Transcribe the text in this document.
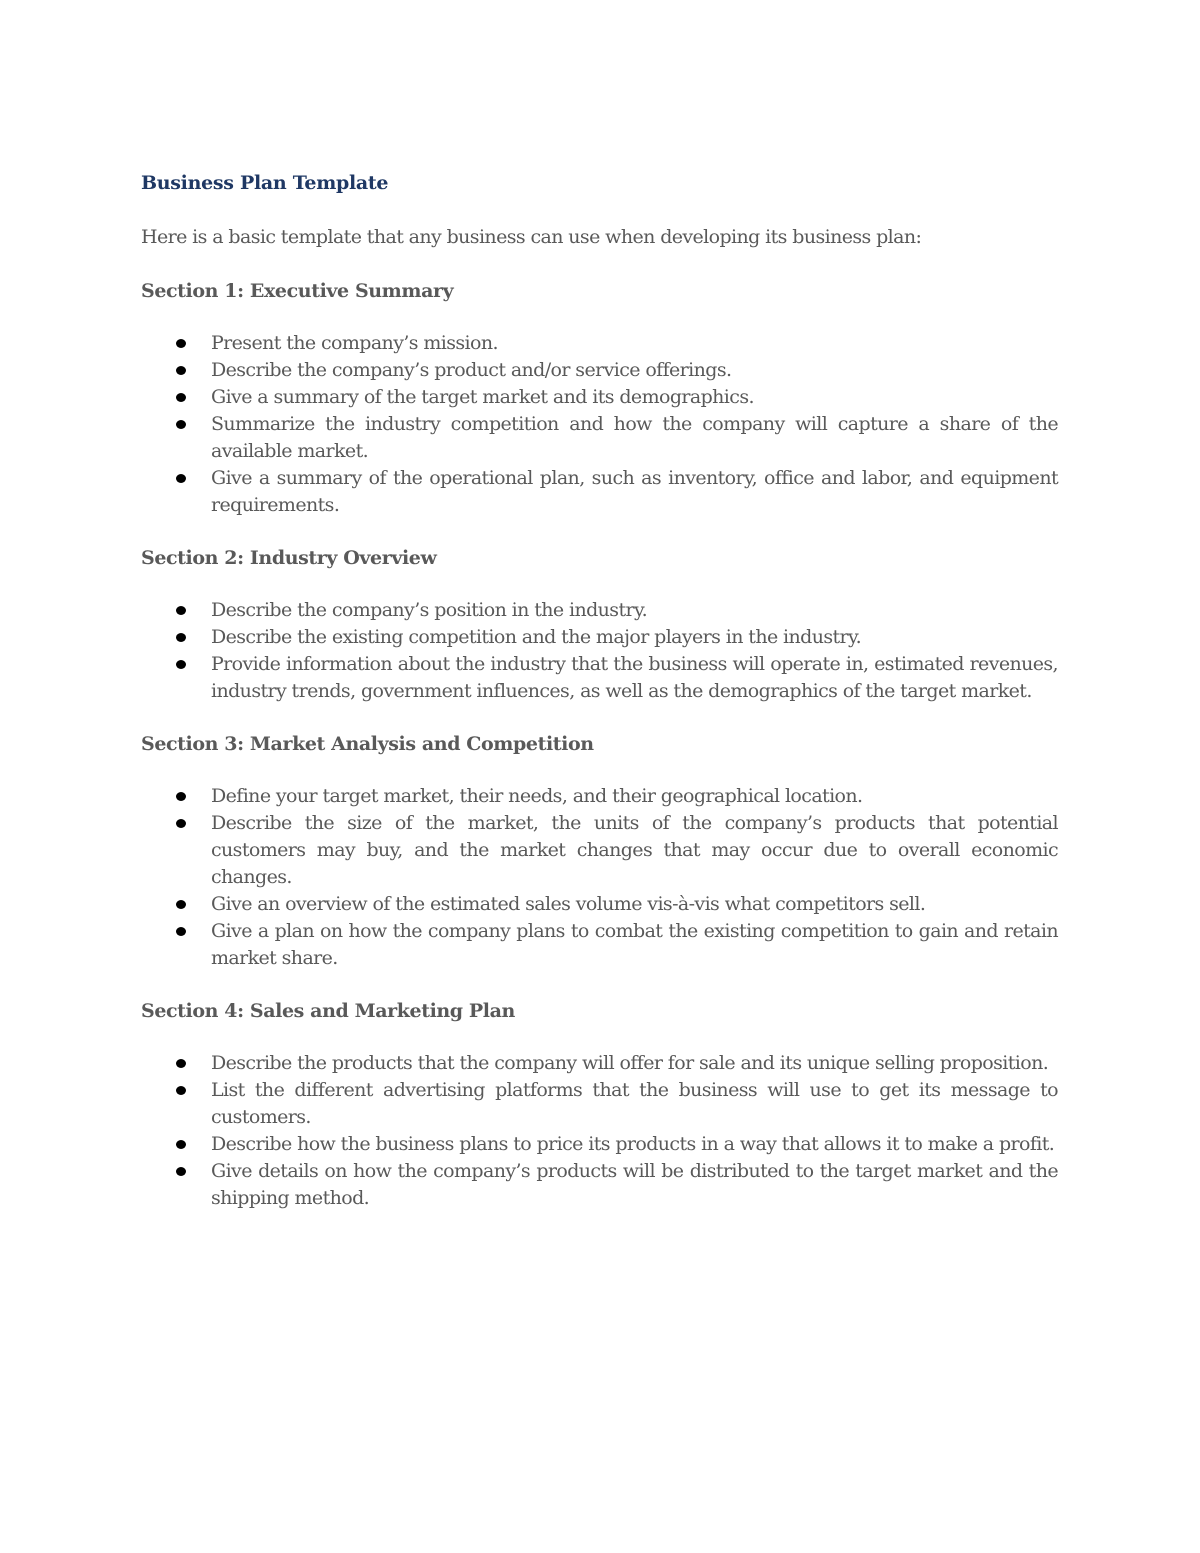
Business Plan Template

Here is a basic template that any business can use when developing its business plan:

Section 1: Executive Summary
Present the company’s mission.
Describe the company’s product and/or service offerings.
Give a summary of the target market and its demographics.
Summarize the industry competition and how the company will capture a share of the available market.
Give a summary of the operational plan, such as inventory, office and labor, and equipment requirements.
Section 2: Industry Overview
Describe the company’s position in the industry.
Describe the existing competition and the major players in the industry.
Provide information about the industry that the business will operate in, estimated revenues, industry trends, government influences, as well as the demographics of the target market.
Section 3: Market Analysis and Competition
Define your target market, their needs, and their geographical location.
Describe the size of the market, the units of the company’s products that potential customers may buy, and the market changes that may occur due to overall economic changes.
Give an overview of the estimated sales volume vis-à-vis what competitors sell.
Give a plan on how the company plans to combat the existing competition to gain and retain market share.
Section 4: Sales and Marketing Plan
Describe the products that the company will offer for sale and its unique selling proposition.
List the different advertising platforms that the business will use to get its message to customers.
Describe how the business plans to price its products in a way that allows it to make a profit.
Give details on how the company’s products will be distributed to the target market and the shipping method.
